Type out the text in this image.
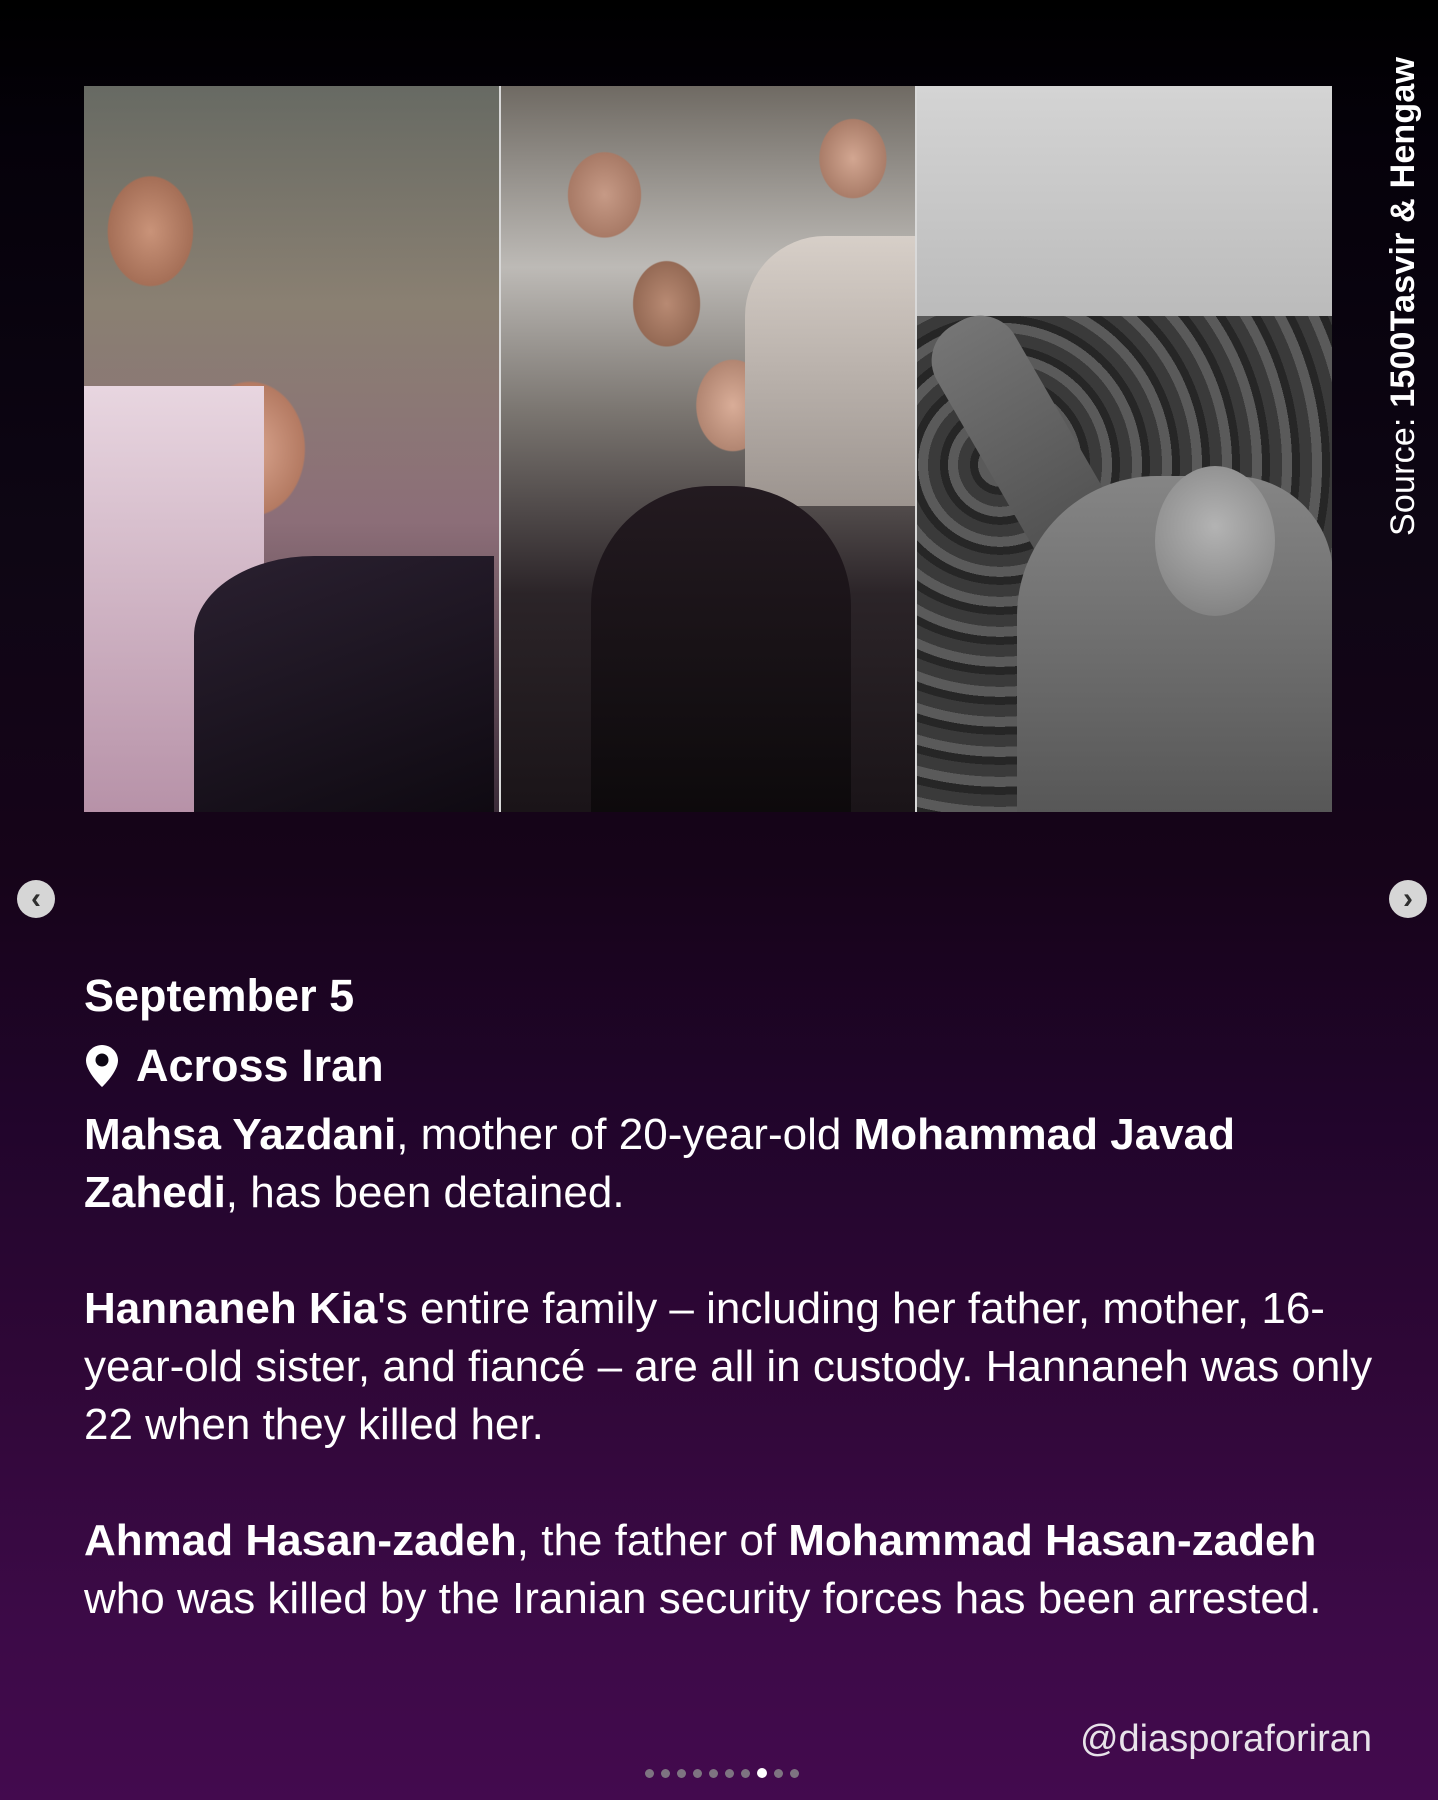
Source: 1500Tasvir & Hengaw
‹	›
September 5
Across Iran
Mahsa Yazdani, mother of 20-year-old Mohammad Javad Zahedi, has been detained.
Hannaneh Kia's entire family – including her father, mother, 16-year-old sister, and fiancé – are all in custody. Hannaneh was only 22 when they killed her.
Ahmad Hasan-zadeh, the father of Mohammad Hasan-zadeh who was killed by the Iranian security forces has been arrested.
@diasporaforiran
